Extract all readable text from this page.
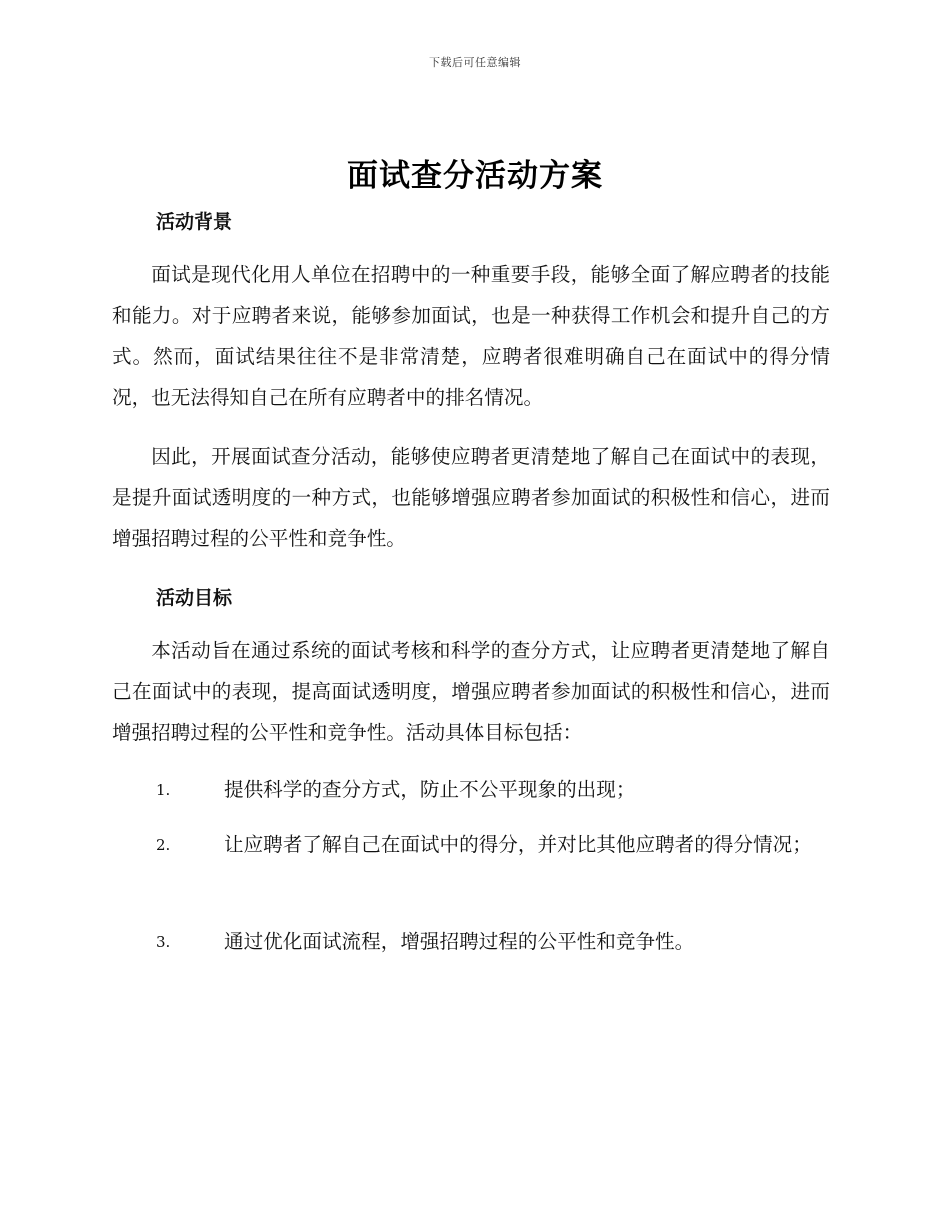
下载后可任意编辑
面试查分活动方案
活动背景

面试是现代化用人单位在招聘中的一种重要手段，能够全面了解应聘者的技能和能力。对于应聘者来说，能够参加面试，也是一种获得工作机会和提升自己的方式。然而，面试结果往往不是非常清楚，应聘者很难明确自己在面试中的得分情况，也无法得知自己在所有应聘者中的排名情况。

因此，开展面试查分活动，能够使应聘者更清楚地了解自己在面试中的表现，是提升面试透明度的一种方式，也能够增强应聘者参加面试的积极性和信心，进而增强招聘过程的公平性和竞争性。

活动目标

本活动旨在通过系统的面试考核和科学的查分方式，让应聘者更清楚地了解自己在面试中的表现，提高面试透明度，增强应聘者参加面试的积极性和信心，进而增强招聘过程的公平性和竞争性。活动具体目标包括：

1.	提供科学的查分方式，防止不公平现象的出现；
2.	让应聘者了解自己在面试中的得分，并对比其他应聘者的得分情况；
3.	通过优化面试流程，增强招聘过程的公平性和竞争性。
